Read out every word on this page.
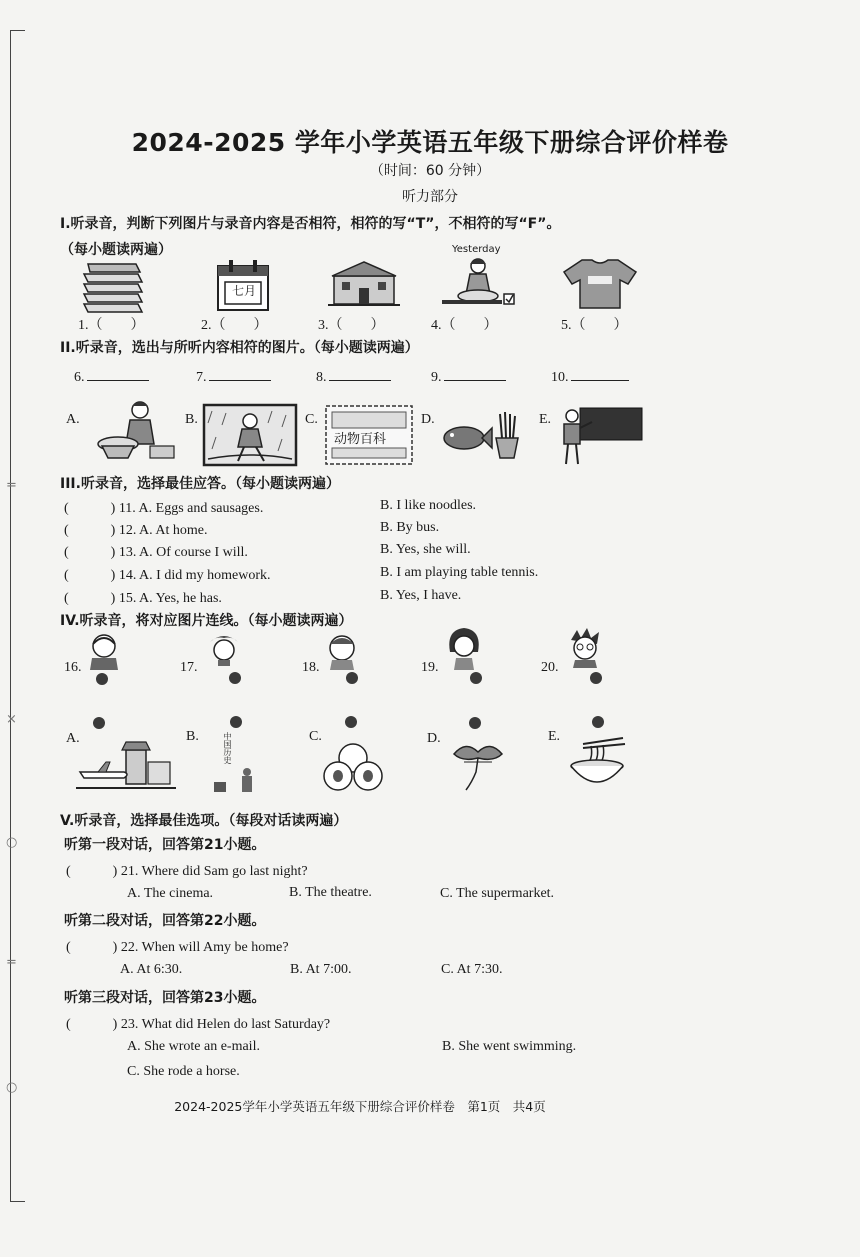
=
×
○
=
○
2024-2025 学年小学英语五年级下册综合评价样卷
（时间：60 分钟）
听力部分
I.听录音，判断下列图片与录音内容是否相符，相符的写“T”，不相符的写“F”。
（每小题读两遍）
七月
Yesterday
1.（　　）	2.（　　）	3.（　　）	4.（　　）	5.（　　）
II.听录音，选出与所听内容相符的图片。（每小题读两遍）
6.	7.	8.	9.	10.
A.	B.	C.	D.	E.
动物百科
III.听录音，选择最佳应答。（每小题读两遍）
(　　　) 11. A. Eggs and sausages.	B. I like noodles.
(　　　) 12. A. At home.	B. By bus.
(　　　) 13. A. Of course I will.	B. Yes, she will.
(　　　) 14. A. I did my homework.	B. I am playing table tennis.
(　　　) 15. A. Yes, he has.	B. Yes, I have.
IV.听录音，将对应图片连线。（每小题读两遍）
16.	17.	18.	19.	20.
A.	B.	C.	D.	E.
中国历史
V.听录音，选择最佳选项。（每段对话读两遍）
听第一段对话，回答第21小题。
(　　　) 21. Where did Sam go last night?
A. The cinema.	B. The theatre.	C. The supermarket.
听第二段对话，回答第22小题。
(　　　) 22. When will Amy be home?
A. At 6:30.	B. At 7:00.	C. At 7:30.
听第三段对话，回答第23小题。
(　　　) 23. What did Helen do last Saturday?
A. She wrote an e-mail.	B. She went swimming.
C. She rode a horse.
2024-2025学年小学英语五年级下册综合评价样卷　第1页　共4页
